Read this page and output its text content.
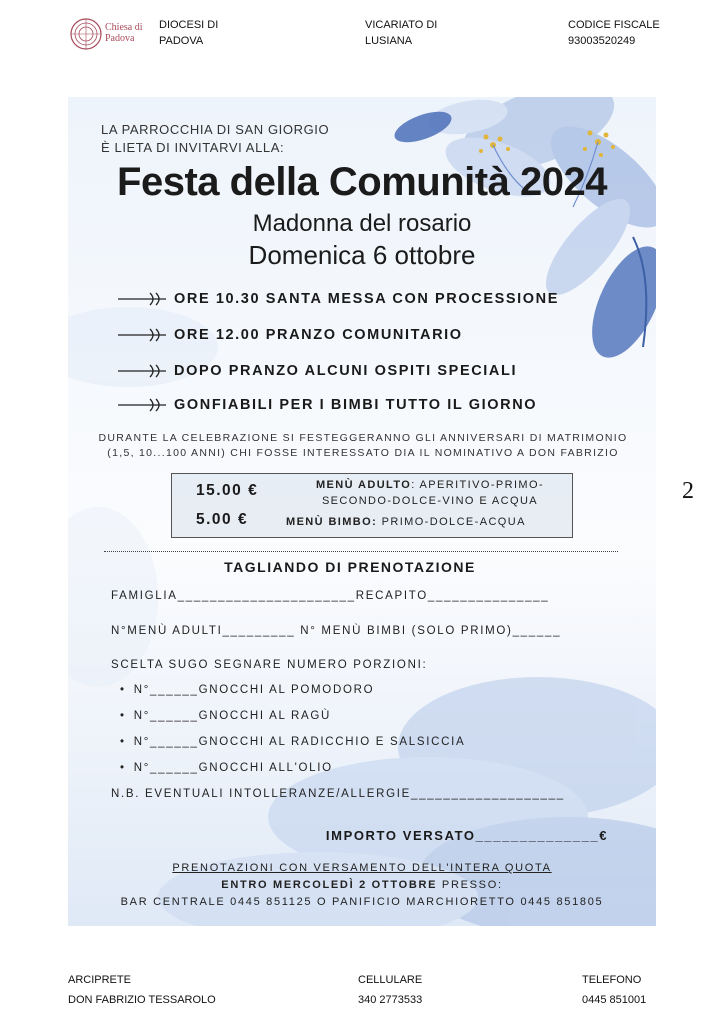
Chiesa di
Padova
DIOCESI DI
PADOVA
VICARIATO DI
LUSIANA
CODICE FISCALE
93003520249
LA PARROCCHIA DI SAN GIORGIO
È LIETA DI INVITARVI ALLA:
Festa della Comunità 2024
Madonna del rosario
Domenica 6 ottobre
ORE 10.30 SANTA MESSA CON PROCESSIONE
ORE 12.00 PRANZO COMUNITARIO
DOPO PRANZO ALCUNI OSPITI SPECIALI
GONFIABILI PER I BIMBI TUTTO IL GIORNO
DURANTE LA CELEBRAZIONE SI FESTEGGERANNO GLI ANNIVERSARI DI MATRIMONIO
(1,5, 10...100 ANNI) CHI FOSSE INTERESSATO DIA IL NOMINATIVO A DON FABRIZIO
15.00 €	MENÙ ADULTO: APERITIVO-PRIMO-
SECONDO-DOLCE-VINO E ACQUA
5.00 €	MENÙ BIMBO: PRIMO-DOLCE-ACQUA
TAGLIANDO DI PRENOTAZIONE
FAMIGLIA______________________RECAPITO_______________
N°MENÙ ADULTI_________ N° MENÙ BIMBI (SOLO PRIMO)______
SCELTA SUGO SEGNARE NUMERO PORZIONI:
• N°______GNOCCHI AL POMODORO
• N°______GNOCCHI AL RAGÙ
• N°______GNOCCHI AL RADICCHIO E SALSICCIA
• N°______GNOCCHI ALL'OLIO
N.B. EVENTUALI INTOLLERANZE/ALLERGIE___________________
IMPORTO VERSATO______________€
PRENOTAZIONI CON VERSAMENTO DELL'INTERA QUOTA
ENTRO MERCOLEDÌ 2 OTTOBRE PRESSO:
BAR CENTRALE 0445 851125 O PANIFICIO MARCHIORETTO 0445 851805
2
ARCIPRETE
DON FABRIZIO TESSAROLO
CELLULARE
340 2773533
TELEFONO
0445 851001
